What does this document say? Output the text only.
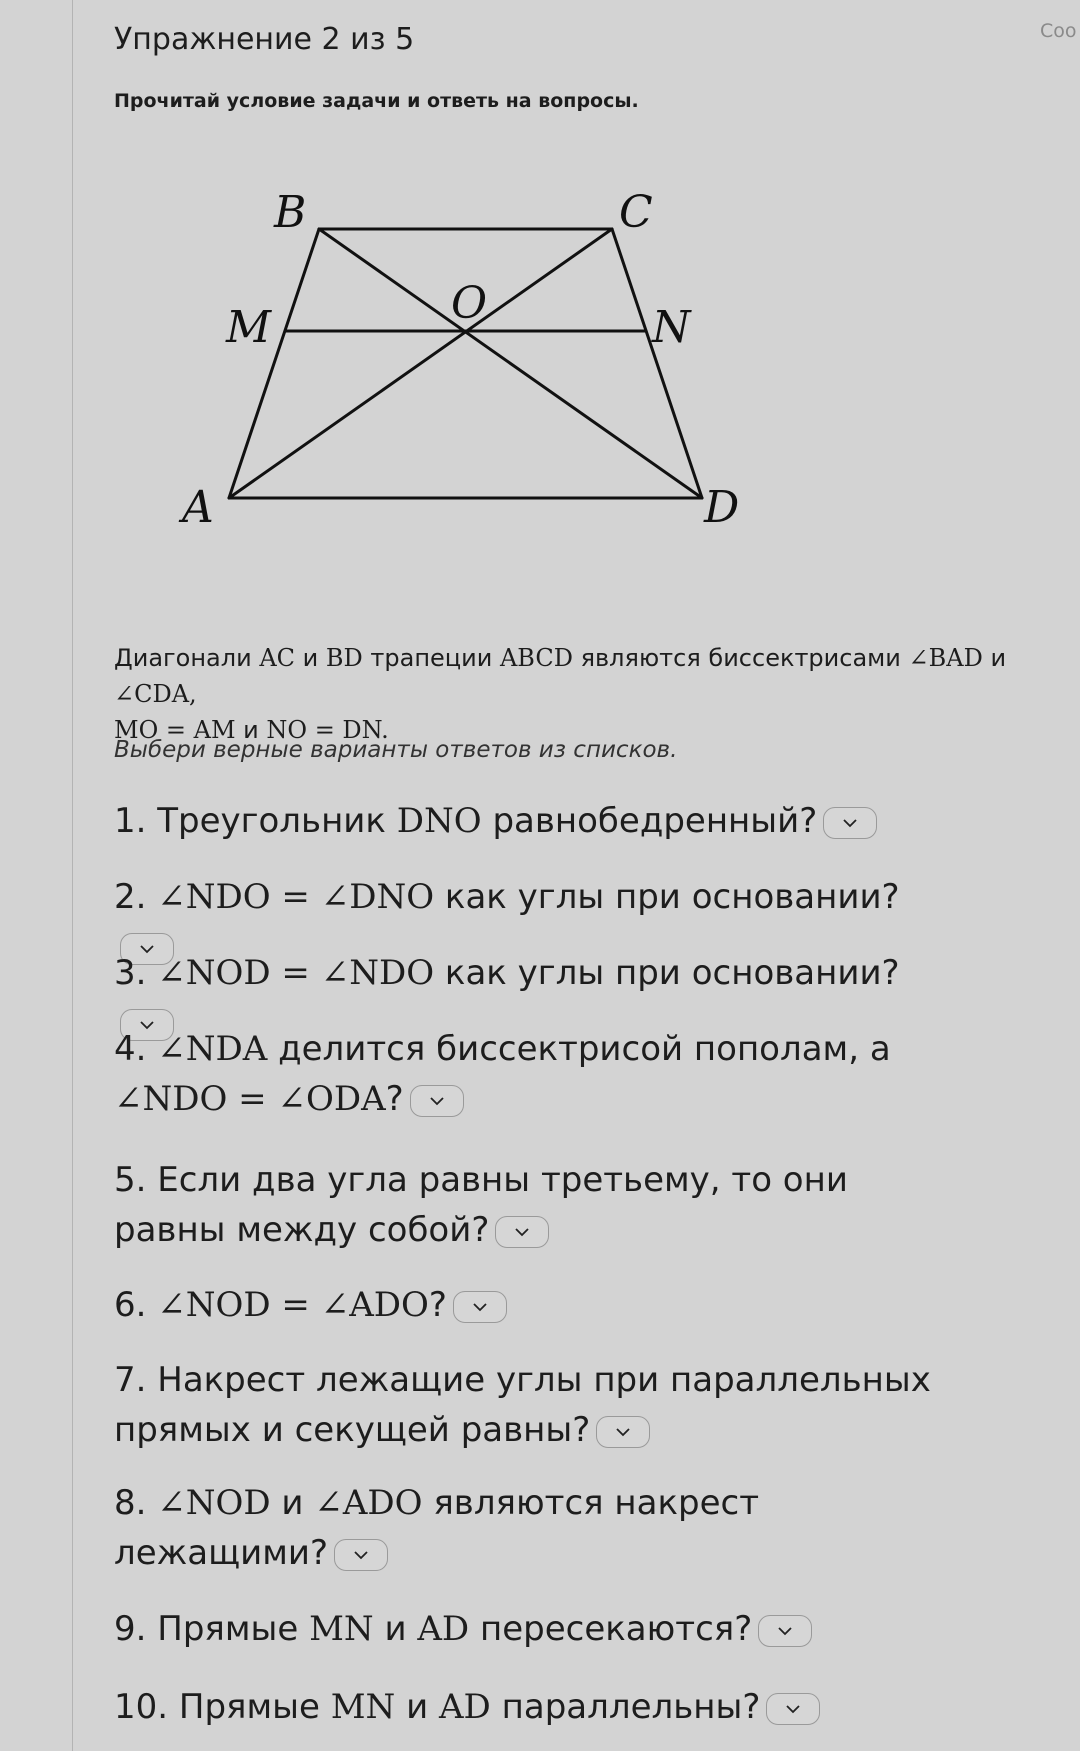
Coo
Упражнение 2 из 5
Прочитай условие задачи и ответь на вопросы.
B	C
O
M	N
A	D
Диагонали AC и BD трапеции ABCD являются биссектрисами ∠BAD и ∠CDA,
MO = AM и NO = DN.
Выбери верные варианты ответов из списков.

1. Треугольник DNO равнобедренный?

2. ∠NDO = ∠DNO как углы при основании?

3. ∠NOD = ∠NDO как углы при основании?

4. ∠NDA делится биссектрисой пополам, а ∠NDO = ∠ODA?

5. Если два угла равны третьему, то они равны между собой?

6. ∠NOD = ∠ADO?

7. Накрест лежащие углы при параллельных прямых и секущей равны?

8. ∠NOD и ∠ADO являются накрест лежащими?

9. Прямые MN и AD пересекаются?

10. Прямые MN и AD параллельны?
